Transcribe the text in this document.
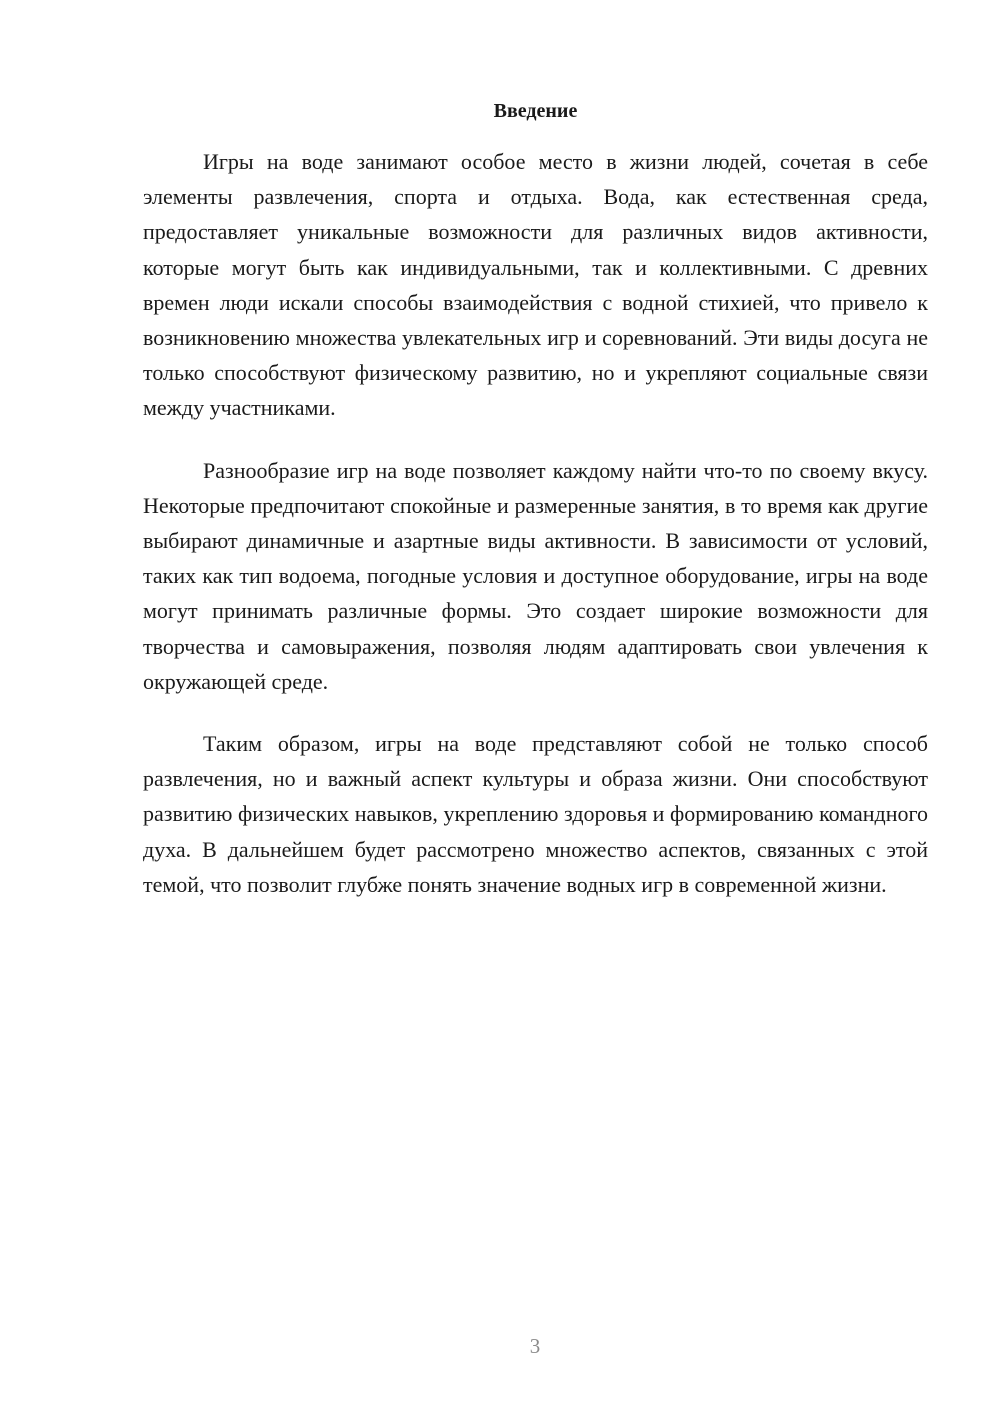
Введение

Игры на воде занимают особое место в жизни людей, сочетая в себе элементы развлечения, спорта и отдыха. Вода, как естественная среда, предоставляет уникальные возможности для различных видов активности, которые могут быть как индивидуальными, так и коллективными. С древних времен люди искали способы взаимодействия с водной стихией, что привело к возникновению множества увлекательных игр и соревнований. Эти виды досуга не только способствуют физическому развитию, но и укрепляют социальные связи между участниками.

Разнообразие игр на воде позволяет каждому найти что-то по своему вкусу. Некоторые предпочитают спокойные и размеренные занятия, в то время как другие выбирают динамичные и азартные виды активности. В зависимости от условий, таких как тип водоема, погодные условия и доступное оборудование, игры на воде могут принимать различные формы. Это создает широкие возможности для творчества и самовыражения, позволяя людям адаптировать свои увлечения к окружающей среде.

Таким образом, игры на воде представляют собой не только способ развлечения, но и важный аспект культуры и образа жизни. Они способствуют развитию физических навыков, укреплению здоровья и формированию командного духа. В дальнейшем будет рассмотрено множество аспектов, связанных с этой темой, что позволит глубже понять значение водных игр в современной жизни.

3
